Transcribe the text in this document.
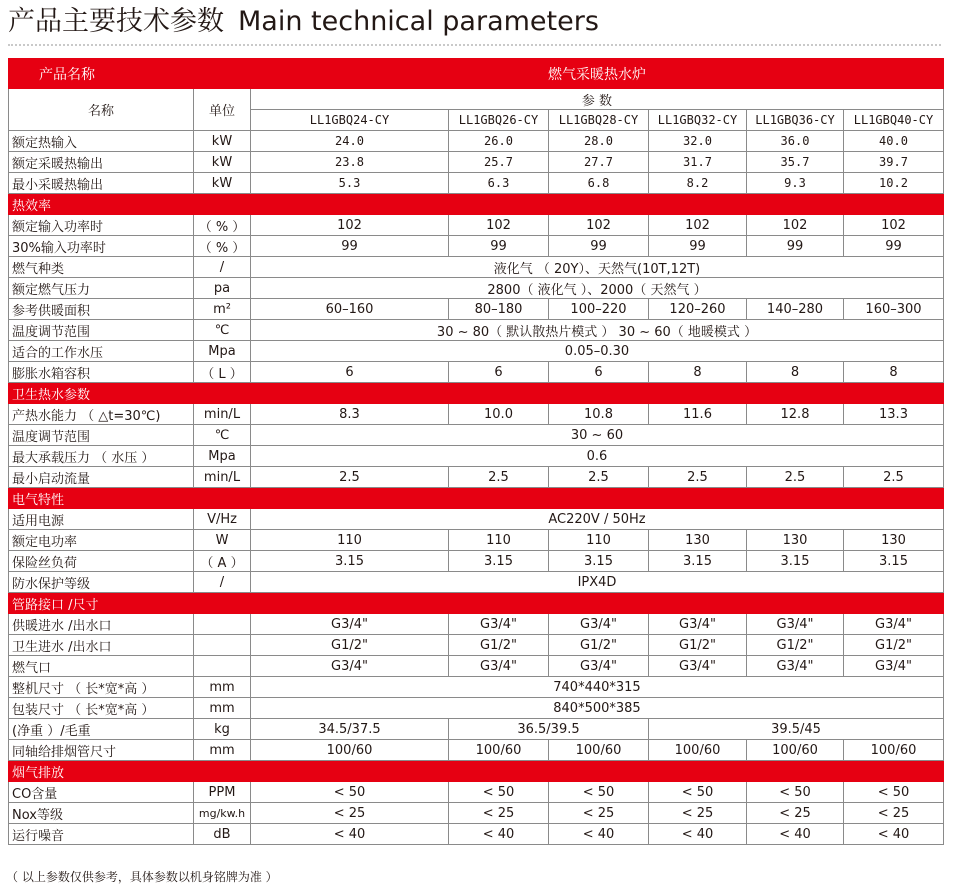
产品主要技术参数 Main technical parameters
产品名称		燃气采暖热水炉					
名称	单位	参 数					
		LL1GBQ24-CY	LL1GBQ26-CY	LL1GBQ28-CY	LL1GBQ32-CY	LL1GBQ36-CY	LL1GBQ40-CY
额定热输入	kW	24.0	26.0	28.0	32.0	36.0	40.0
额定采暖热输出	kW	23.8	25.7	27.7	31.7	35.7	39.7
最小采暖热输出	kW	5.3	6.3	6.8	8.2	9.3	10.2
热效率							
额定输入功率时	（ % ）	102	102	102	102	102	102
30%输入功率时	（ % ）	99	99	99	99	99	99
燃气种类	/	液化气 （ 20Y）、天然气(10T,12T)					
额定燃气压力	pa	2800（ 液化气 ）、2000（ 天然气 ）					
参考供暖面积	m²	60–160	80–180	100–220	120–260	140–280	160–300
温度调节范围	℃	30 ~ 80（ 默认散热片模式 ） 30 ~ 60（ 地暖模式 ）					
适合的工作水压	Mpa	0.05–0.30					
膨胀水箱容积	（ L ）	6	6	6	8	8	8
卫生热水参数							
产热水能力 （ △t=30℃)	min/L	8.3	10.0	10.8	11.6	12.8	13.3
温度调节范围	℃	30 ~ 60					
最大承载压力 （ 水压 ）	Mpa	0.6					
最小启动流量	min/L	2.5	2.5	2.5	2.5	2.5	2.5
电气特性							
适用电源	V/Hz	AC220V / 50Hz					
额定电功率	W	110	110	110	130	130	130
保险丝负荷	（ A ）	3.15	3.15	3.15	3.15	3.15	3.15
防水保护等级	/	IPX4D					
管路接口 /尺寸							
供暖进水 /出水口		G3/4"	G3/4"	G3/4"	G3/4"	G3/4"	G3/4"
卫生进水 /出水口		G1/2"	G1/2"	G1/2"	G1/2"	G1/2"	G1/2"
燃气口		G3/4"	G3/4"	G3/4"	G3/4"	G3/4"	G3/4"
整机尺寸 （ 长*宽*高 ）	mm	740*440*315					
包装尺寸 （ 长*宽*高 ）	mm	840*500*385					
(净重 ）/毛重	kg	34.5/37.5	36.5/39.5		39.5/45		
同轴给排烟管尺寸	mm	100/60	100/60	100/60	100/60	100/60	100/60
烟气排放							
CO含量	PPM	< 50	< 50	< 50	< 50	< 50	< 50
Nox等级	mg/kw.h	< 25	< 25	< 25	< 25	< 25	< 25
运行噪音	dB	< 40	< 40	< 40	< 40	< 40	< 40
（ 以上参数仅供参考，具体参数以机身铭牌为准 ）
